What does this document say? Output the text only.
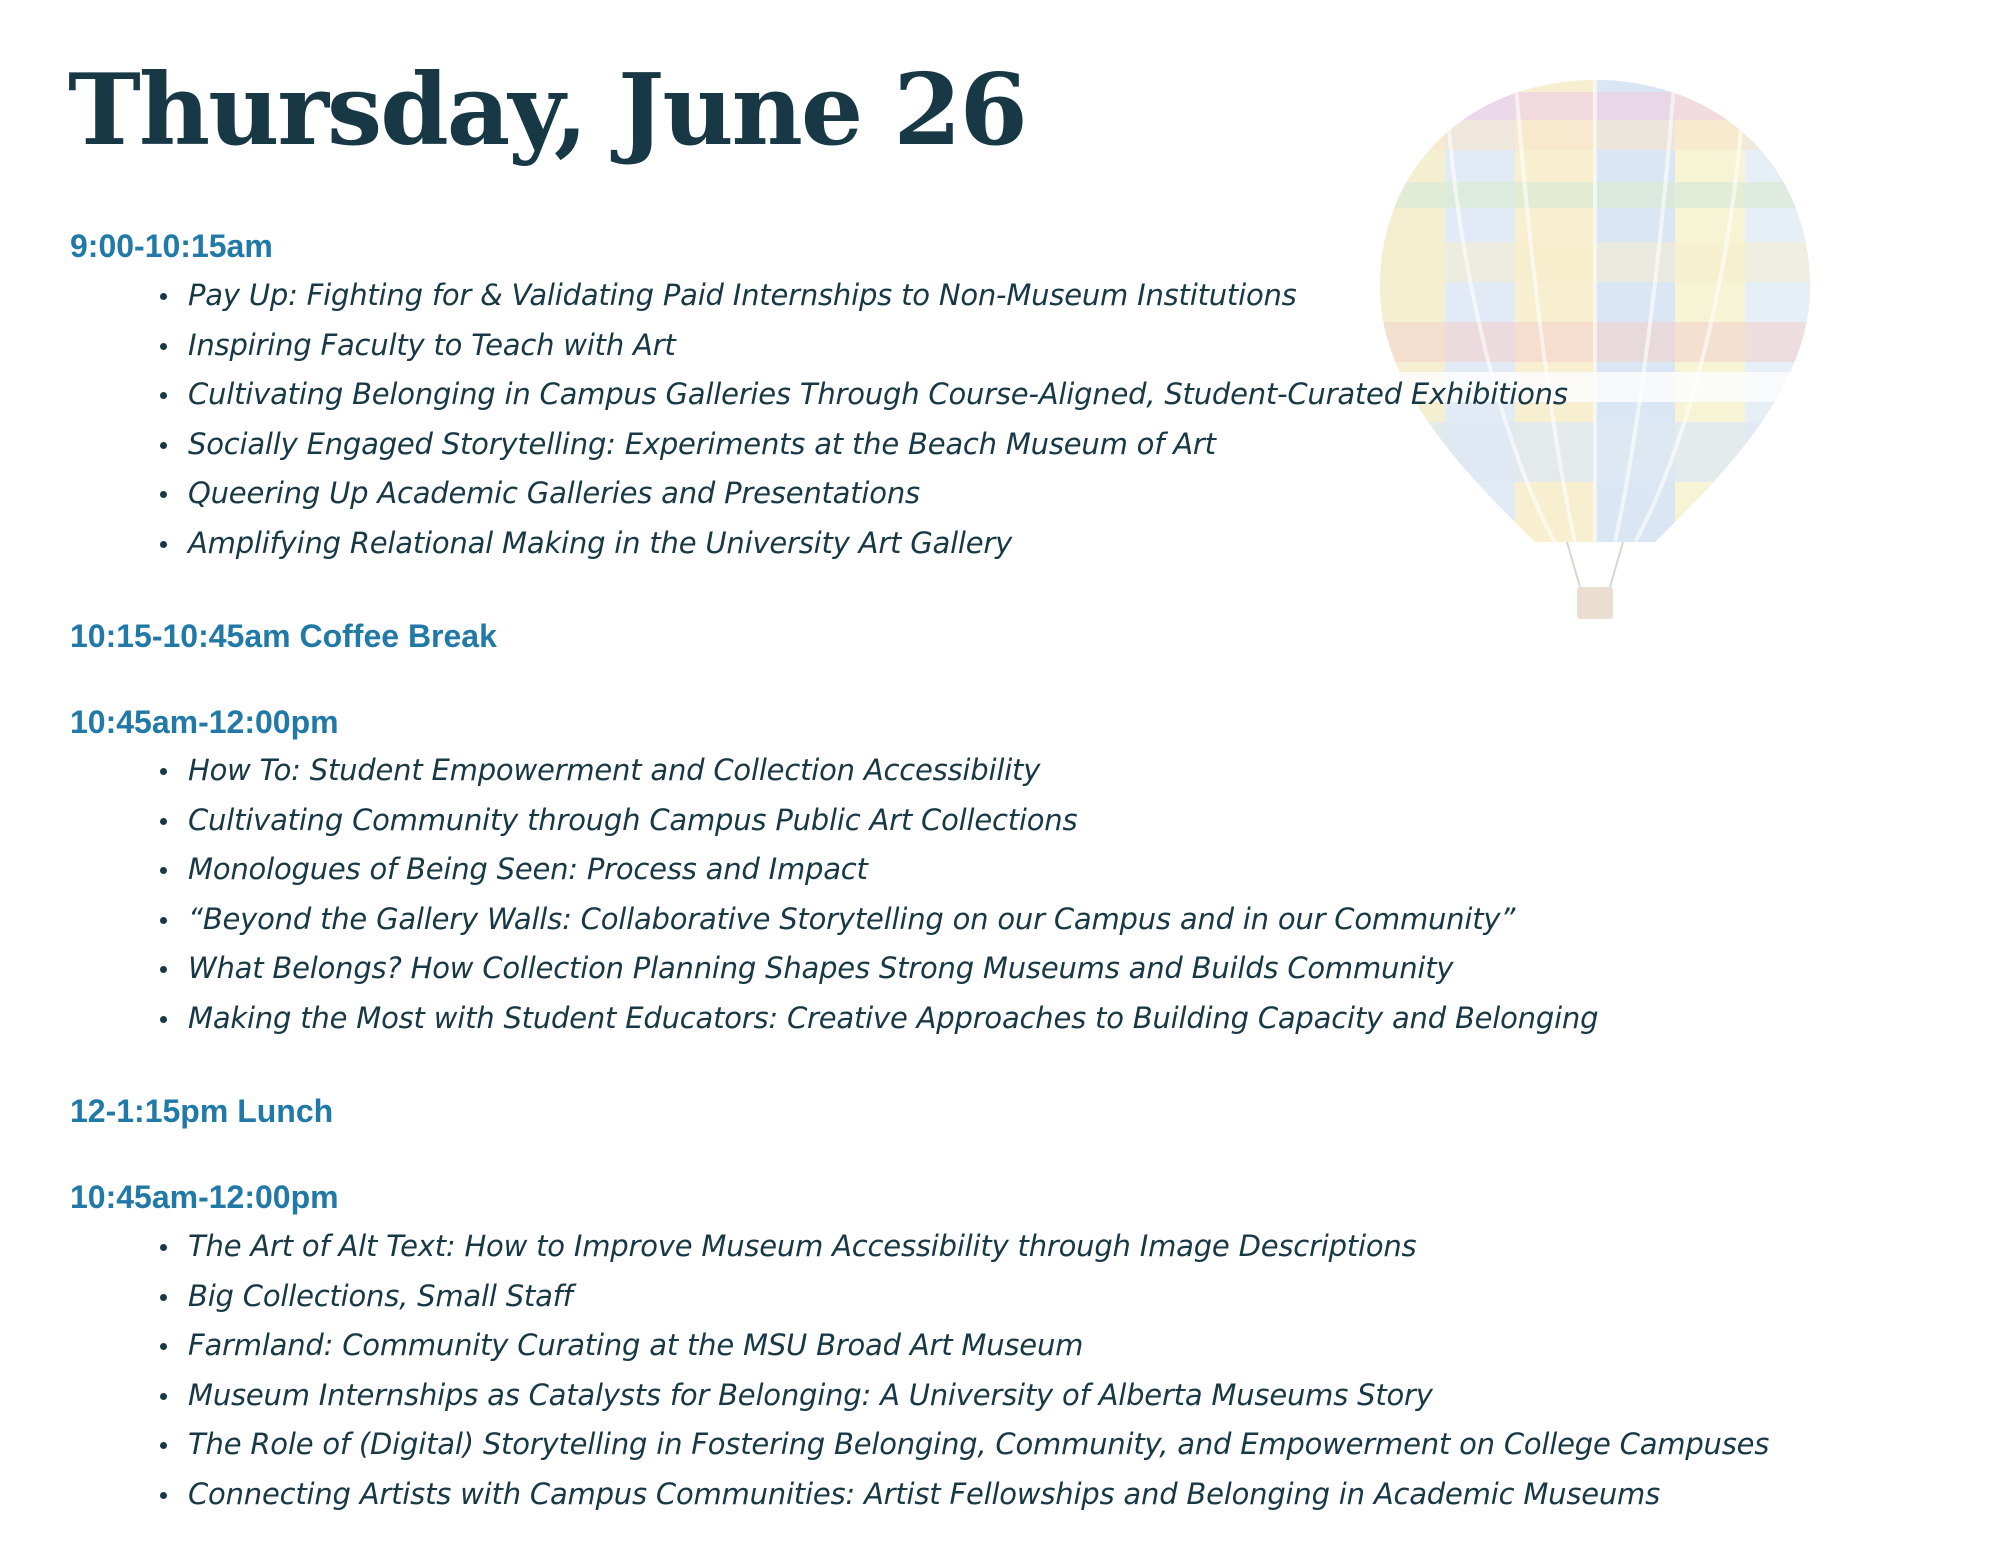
Thursday, June 26
9:00-10:15am
Pay Up: Fighting for & Validating Paid Internships to Non-Museum Institutions
Inspiring Faculty to Teach with Art
Cultivating Belonging in Campus Galleries Through Course-Aligned, Student-Curated Exhibitions
Socially Engaged Storytelling: Experiments at the Beach Museum of Art
Queering Up Academic Galleries and Presentations
Amplifying Relational Making in the University Art Gallery
10:15-10:45am Coffee Break
10:45am-12:00pm
How To: Student Empowerment and Collection Accessibility
Cultivating Community through Campus Public Art Collections
Monologues of Being Seen: Process and Impact
“Beyond the Gallery Walls: Collaborative Storytelling on our Campus and in our Community”
What Belongs? How Collection Planning Shapes Strong Museums and Builds Community
Making the Most with Student Educators: Creative Approaches to Building Capacity and Belonging
12-1:15pm Lunch
10:45am-12:00pm
The Art of Alt Text: How to Improve Museum Accessibility through Image Descriptions
Big Collections, Small Staff
Farmland: Community Curating at the MSU Broad Art Museum
Museum Internships as Catalysts for Belonging: A University of Alberta Museums Story
The Role of (Digital) Storytelling in Fostering Belonging, Community, and Empowerment on College Campuses
Connecting Artists with Campus Communities: Artist Fellowships and Belonging in Academic Museums
